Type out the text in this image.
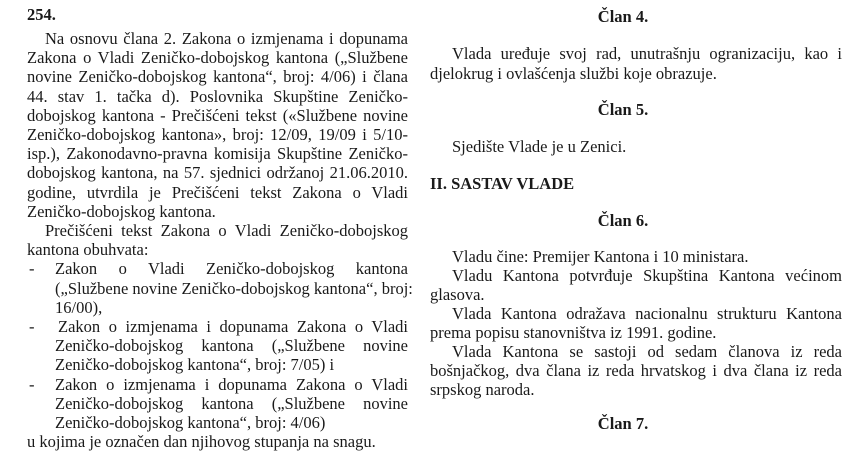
254.
Na osnovu člana 2. Zakona o izmjenama i dopunama
Zakona o Vladi Zeničko-dobojskog kantona („Službene
novine Zeničko-dobojskog kantona“, broj: 4/06) i člana
44. stav 1. tačka d). Poslovnika Skupštine Zeničko-
dobojskog kantona - Prečišćeni tekst («Službene novine
Zeničko-dobojskog kantona», broj: 12/09, 19/09 i 5/10-
isp.), Zakonodavno-pravna komisija Skupštine Zeničko-
dobojskog kantona, na 57. sjednici održanoj 21.06.2010.
godine, utvrdila je Prečišćeni tekst Zakona o Vladi
Zeničko-dobojskog kantona.
Prečišćeni tekst Zakona o Vladi Zeničko-dobojskog
kantona obuhvata:
- Zakon o Vladi Zeničko-dobojskog kantona
(„Službene novine Zeničko-dobojskog kantona“, broj:
16/00),
- Zakon o izmjenama i dopunama Zakona o Vladi
Zeničko-dobojskog kantona („Službene novine
Zeničko-dobojskog kantona“, broj: 7/05) i
- Zakon o izmjenama i dopunama Zakona o Vladi
Zeničko-dobojskog kantona („Službene novine
Zeničko-dobojskog kantona“, broj: 4/06)
u kojima je označen dan njihovog stupanja na snagu.
Član 4.
Vlada uređuje svoj rad, unutrašnju ogranizaciju, kao i
djelokrug i ovlašćenja službi koje obrazuje.
Član 5.
Sjedište Vlade je u Zenici.
II. SASTAV VLADE
Član 6.
Vladu čine: Premijer Kantona i 10 ministara.
Vladu Kantona potvrđuje Skupština Kantona većinom
glasova.
Vlada Kantona odražava nacionalnu strukturu Kantona
prema popisu stanovništva iz 1991. godine.
Vlada Kantona se sastoji od sedam članova iz reda
bošnjačkog, dva člana iz reda hrvatskog i dva člana iz reda
srpskog naroda.
Član 7.
